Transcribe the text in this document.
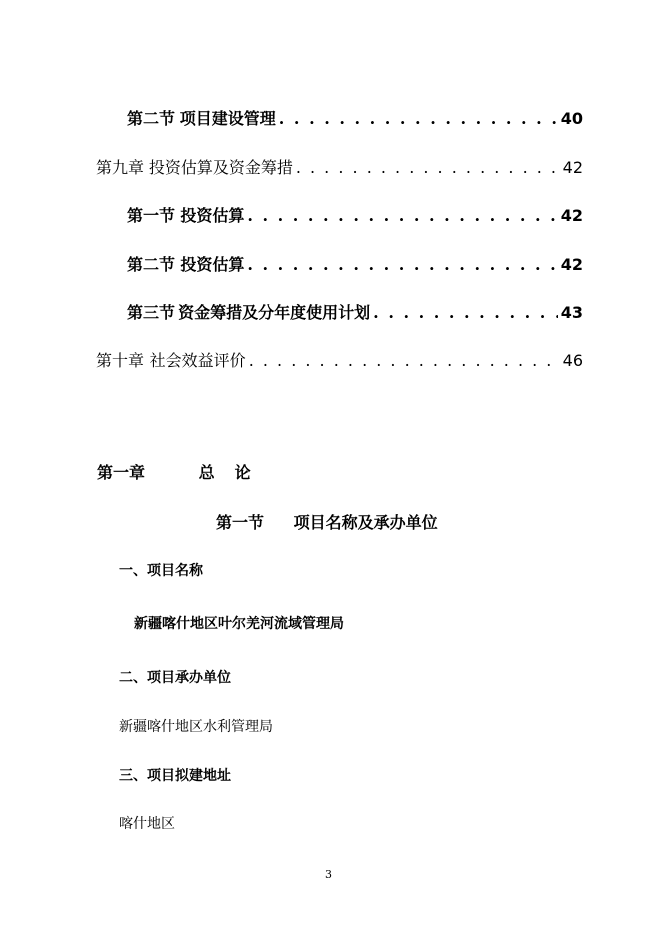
第二节 项目建设管理 . . .	40
第九章 投资估算及资金筹措 . . .	42
第一节 投资估算 . . .	42
第二节 投资估算 . . .	42
第三节 资金筹措及分年度使用计划 . . .	43
第十章 社会效益评价 . . .	46
第一章	总论
第一节 项目名称及承办单位
一、项目名称
新疆喀什地区叶尔羌河流域管理局
二、项目承办单位
新疆喀什地区水利管理局
三、项目拟建地址
喀什地区
3
